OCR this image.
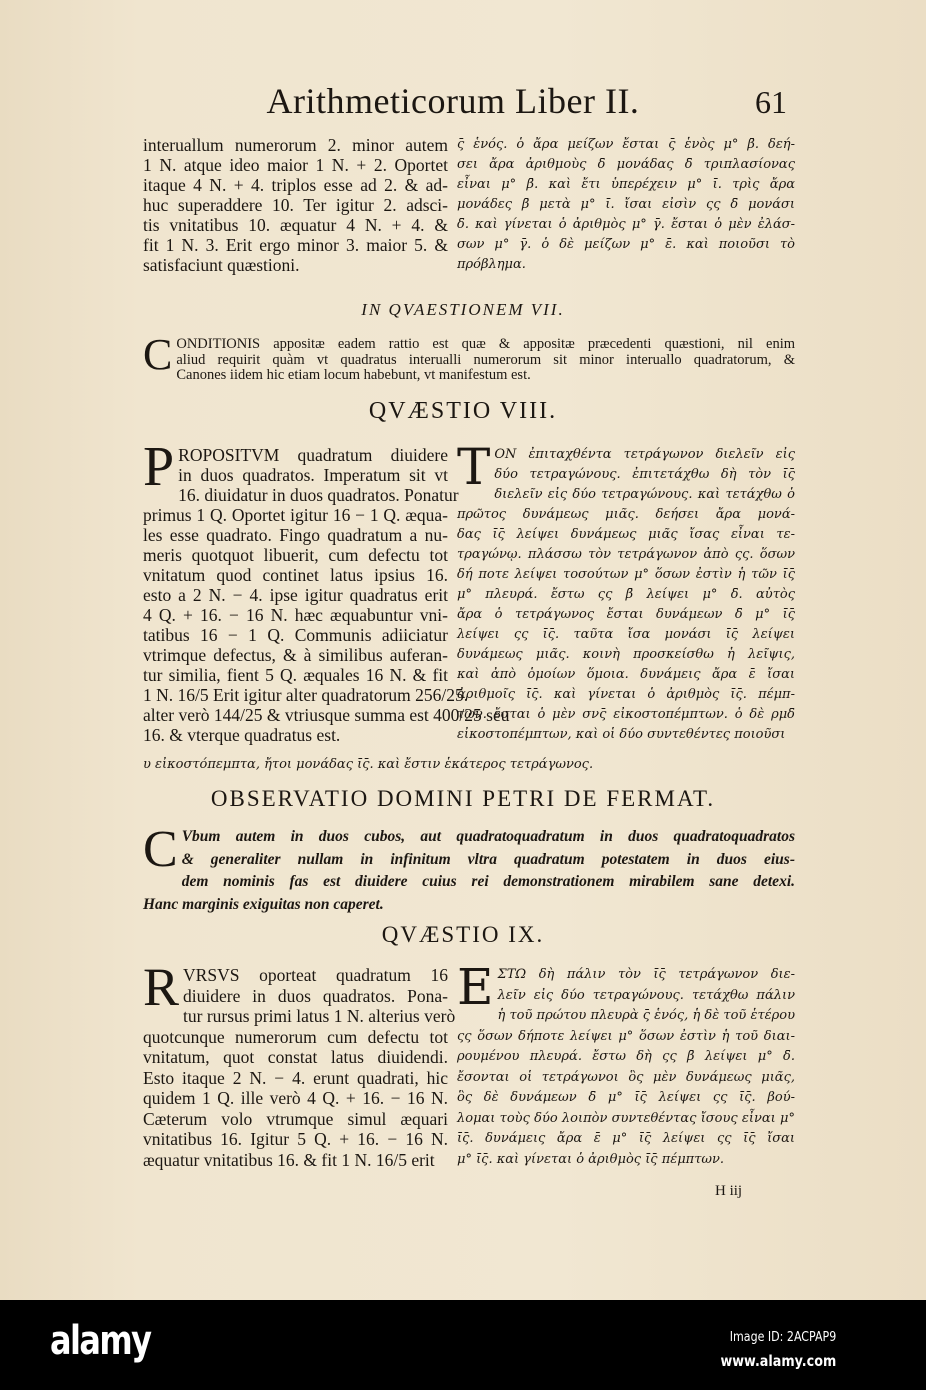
Arithmeticorum Liber II.	61
interuallum numerorum 2. minor autem
1 N. atque ideo maior 1 N. + 2. Oportet
itaque 4 N. + 4. triplos esse ad 2. & ad-
huc superaddere 10. Ter igitur 2. adsci-
tis vnitatibus 10. æquatur 4 N. + 4. &
fit 1 N. 3. Erit ergo minor 3. maior 5. &
satisfaciunt quæstioni.
ς̄ ἑνός. ὁ ἄρα μείζων ἔσται ς̄ ἑνὸς μ° β̄. δεή-
σει ἄρα ἀριθμοὺς δ̄ μονάδας δ̄ τριπλασίονας
εἶναι μ° β̄. καὶ ἔτι ὑπερέχειν μ° ῑ. τρὶς ἄρα
μονάδες β̄ μετὰ μ° ῑ. ἴσαι εἰσὶν ςς δ̄ μονάσι
δ̄. καὶ γίνεται ὁ ἀριθμὸς μ° γ̄. ἔσται ὁ μὲν ἐλάσ-
σων μ° γ̄. ὁ δὲ μείζων μ° ε̄. καὶ ποιοῦσι τὸ
πρόβλημα.
IN QVAESTIONEM VII.
C ONDITIONIS appositæ eadem rattio est quæ & appositæ præcedenti quæstioni, nil enim
aliud requirit quàm vt quadratus interualli numerorum sit minor interuallo quadratorum, &
Canones iidem hic etiam locum habebunt, vt manifestum est.
QVÆSTIO VIII.
P ROPOSITVM quadratum diuidere
in duos quadratos. Imperatum sit vt
16. diuidatur in duos quadratos. Ponatur
primus 1 Q. Oportet igitur 16 − 1 Q. æqua-
les esse quadrato. Fingo quadratum a nu-
meris quotquot libuerit, cum defectu tot
vnitatum quod continet latus ipsius 16.
esto a 2 N. − 4. ipse igitur quadratus erit
4 Q. + 16. − 16 N. hæc æquabuntur vni-
tatibus 16 − 1 Q. Communis adiiciatur
vtrimque defectus, & à similibus auferan-
tur similia, fient 5 Q. æquales 16 N. & fit
1 N. 16/5 Erit igitur alter quadratorum 256/25.
alter verò 144/25 & vtriusque summa est 400/25 seu
16. & vterque quadratus est.
T ΟΝ ἐπιταχθέντα τετράγωνον διελεῖν εἰς
δύο τετραγώνους. ἐπιτετάχθω δὴ τὸν ῑς̄
διελεῖν εἰς δύο τετραγώνους. καὶ τετάχθω ὁ
πρῶτος δυνάμεως μιᾶς. δεήσει ἄρα μονά-
δας ῑς̄ λείψει δυνάμεως μιᾶς ἴσας εἶναι τε-
τραγώνῳ. πλάσσω τὸν τετράγωνον ἀπὸ ςς. ὅσων
δή ποτε λείψει τοσούτων μ° ὅσων ἐστὶν ἡ τῶν ῑς̄
μ° πλευρά. ἔστω ςς β̄ λείψει μ° δ̄. αὐτὸς
ἄρα ὁ τετράγωνος ἔσται δυνάμεων δ̄ μ° ῑς̄
λείψει ςς ῑς̄. ταῦτα ἴσα μονάσι ῑς̄ λείψει
δυνάμεως μιᾶς. κοινὴ προσκείσθω ἡ λεῖψις,
καὶ ἀπὸ ὁμοίων ὅμοια. δυνάμεις ἄρα ε̄ ἴσαι
ἀριθμοῖς ῑς̄. καὶ γίνεται ὁ ἀριθμὸς ῑς̄. πέμπ-
των. ἔσται ὁ μὲν σνς̄ εἰκοστοπέμπτων. ὁ δὲ ρμδ̄
εἰκοστοπέμπτων, καὶ οἱ δύο συντεθέντες ποιοῦσι
υ εἰκοστόπεμπτα, ἤτοι μονάδας ῑς̄. καὶ ἔστιν ἑκάτερος τετράγωνος.
OBSERVATIO DOMINI PETRI DE FERMAT.
C Vbum autem in duos cubos, aut quadratoquadratum in duos quadratoquadratos
& generaliter nullam in infinitum vltra quadratum potestatem in duos eius-
dem nominis fas est diuidere cuius rei demonstrationem mirabilem sane detexi.
Hanc marginis exiguitas non caperet.
QVÆSTIO IX.
R VRSVS oporteat quadratum 16
diuidere in duos quadratos. Pona-
tur rursus primi latus 1 N. alterius verò
quotcunque numerorum cum defectu tot
vnitatum, quot constat latus diuidendi.
Esto itaque 2 N. − 4. erunt quadrati, hic
quidem 1 Q. ille verò 4 Q. + 16. − 16 N.
Cæterum volo vtrumque simul æquari
vnitatibus 16. Igitur 5 Q. + 16. − 16 N.
æquatur vnitatibus 16. & fit 1 N. 16/5 erit
E ΣΤΩ δὴ πάλιν τὸν ῑς̄ τετράγωνον διε-
λεῖν εἰς δύο τετραγώνους. τετάχθω πάλιν
ἡ τοῦ πρώτου πλευρὰ ς̄ ἑνός, ἡ δὲ τοῦ ἑτέρου
ςς ὅσων δήποτε λείψει μ° ὅσων ἐστὶν ἡ τοῦ διαι-
ρουμένου πλευρά. ἔστω δὴ ςς β̄ λείψει μ° δ̄.
ἔσονται οἱ τετράγωνοι ὃς μὲν δυνάμεως μιᾶς,
ὃς δὲ δυνάμεων δ̄ μ° ῑς̄ λείψει ςς ῑς̄. βού-
λομαι τοὺς δύο λοιπὸν συντεθέντας ἴσους εἶναι μ°
ῑς̄. δυνάμεις ἄρα ε̄ μ° ῑς̄ λείψει ςς ῑς̄ ἴσαι
μ° ῑς̄. καὶ γίνεται ὁ ἀριθμὸς ῑς̄ πέμπτων.
H iij
alamy	Image ID: 2ACPAP9
www.alamy.com
